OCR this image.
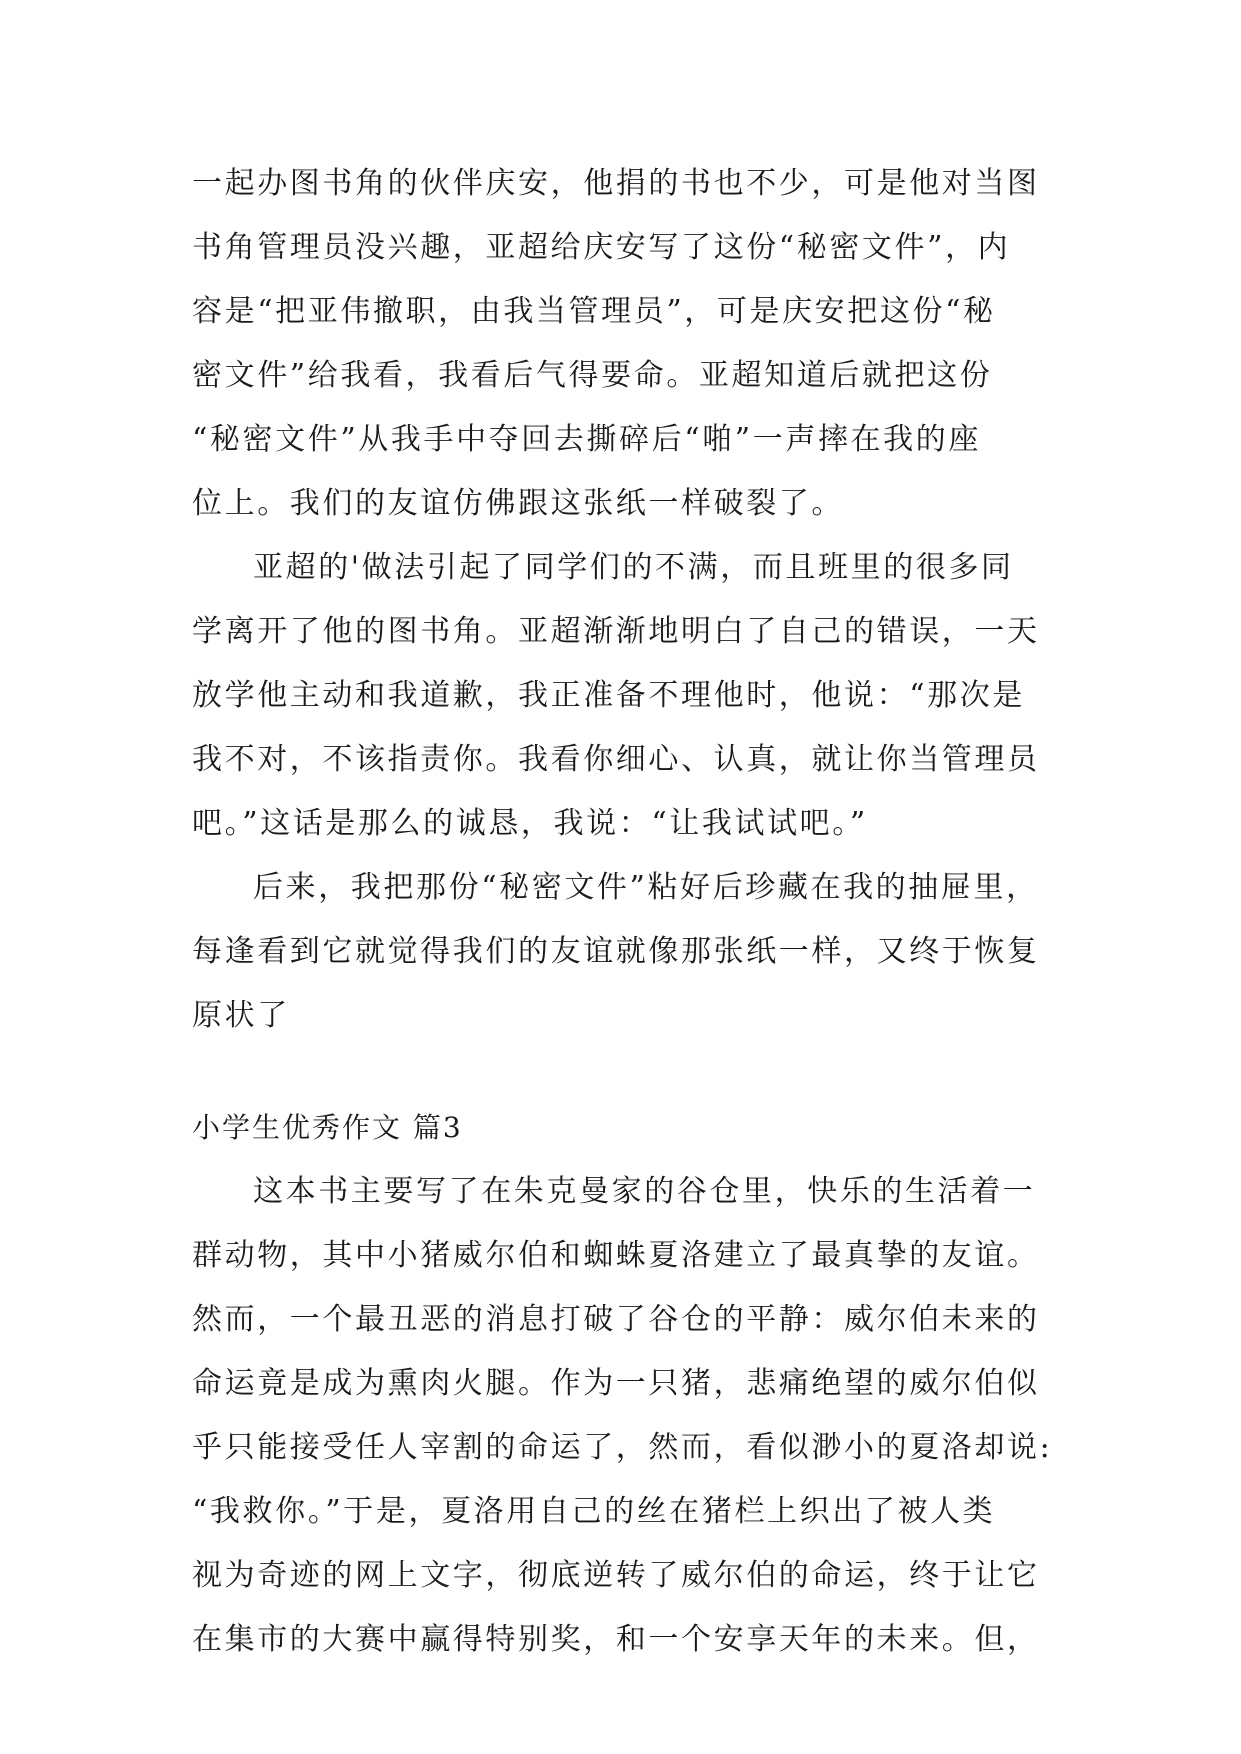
一起办图书角的伙伴庆安，他捐的书也不少，可是他对当图
书角管理员没兴趣，亚超给庆安写了这份“秘密文件”，内
容是“把亚伟撤职，由我当管理员”，可是庆安把这份“秘
密文件”给我看，我看后气得要命。亚超知道后就把这份
“秘密文件”从我手中夺回去撕碎后“啪”一声摔在我的座
位上。我们的友谊仿佛跟这张纸一样破裂了。
亚超的'做法引起了同学们的不满，而且班里的很多同
学离开了他的图书角。亚超渐渐地明白了自己的错误，一天
放学他主动和我道歉，我正准备不理他时，他说：“那次是
我不对，不该指责你。我看你细心、认真，就让你当管理员
吧。”这话是那么的诚恳，我说：“让我试试吧。”
后来，我把那份“秘密文件”粘好后珍藏在我的抽屉里，
每逢看到它就觉得我们的友谊就像那张纸一样，又终于恢复
原状了
小学生优秀作文 篇3
这本书主要写了在朱克曼家的谷仓里，快乐的生活着一
群动物，其中小猪威尔伯和蜘蛛夏洛建立了最真挚的友谊。
然而，一个最丑恶的消息打破了谷仓的平静：威尔伯未来的
命运竟是成为熏肉火腿。作为一只猪，悲痛绝望的威尔伯似
乎只能接受任人宰割的命运了，然而，看似渺小的夏洛却说:
“我救你。”于是，夏洛用自己的丝在猪栏上织出了被人类
视为奇迹的网上文字，彻底逆转了威尔伯的命运，终于让它
在集市的大赛中赢得特别奖，和一个安享天年的未来。但，
